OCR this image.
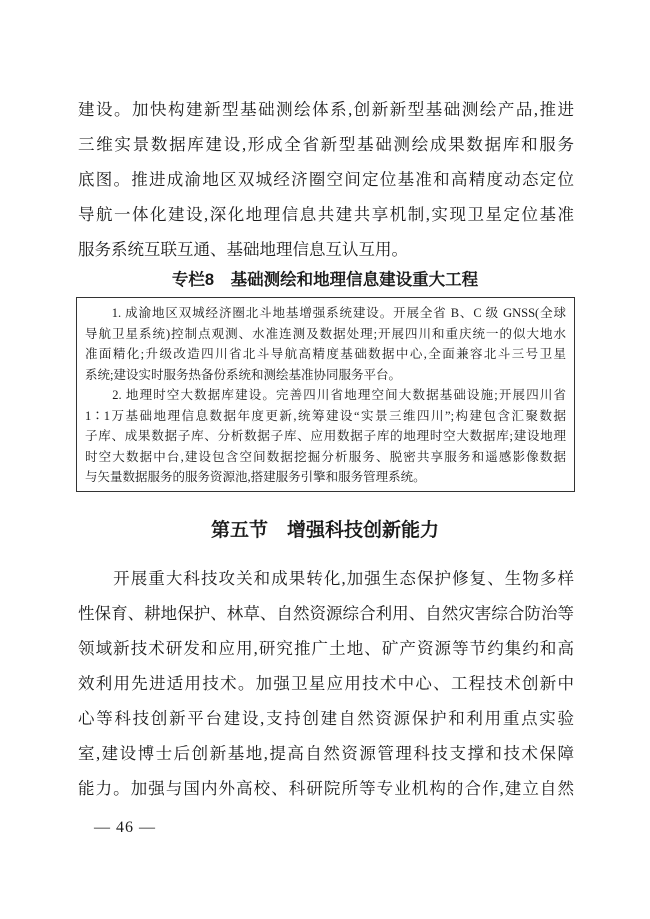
建设。加快构建新型基础测绘体系,创新新型基础测绘产品,推进
三维实景数据库建设,形成全省新型基础测绘成果数据库和服务
底图。推进成渝地区双城经济圈空间定位基准和高精度动态定位
导航一体化建设,深化地理信息共建共享机制,实现卫星定位基准
服务系统互联互通、基础地理信息互认互用。
专栏8　基础测绘和地理信息建设重大工程
　　1. 成渝地区双城经济圈北斗地基增强系统建设。开展全省 B、C 级 GNSS(全球
导航卫星系统)控制点观测、水准连测及数据处理;开展四川和重庆统一的似大地水
准面精化;升级改造四川省北斗导航高精度基础数据中心,全面兼容北斗三号卫星
系统;建设实时服务热备份系统和测绘基准协同服务平台。
　　2. 地理时空大数据库建设。完善四川省地理空间大数据基础设施;开展四川省
1∶1万基础地理信息数据年度更新,统筹建设“实景三维四川”;构建包含汇聚数据
子库、成果数据子库、分析数据子库、应用数据子库的地理时空大数据库;建设地理
时空大数据中台,建设包含空间数据挖掘分析服务、脱密共享服务和遥感影像数据
与矢量数据服务的服务资源池,搭建服务引擎和服务管理系统。
第五节　增强科技创新能力
　　开展重大科技攻关和成果转化,加强生态保护修复、生物多样
性保育、耕地保护、林草、自然资源综合利用、自然灾害综合防治等
领域新技术研发和应用,研究推广土地、矿产资源等节约集约和高
效利用先进适用技术。加强卫星应用技术中心、工程技术创新中
心等科技创新平台建设,支持创建自然资源保护和利用重点实验
室,建设博士后创新基地,提高自然资源管理科技支撑和技术保障
能力。加强与国内外高校、科研院所等专业机构的合作,建立自然
— 46 —
